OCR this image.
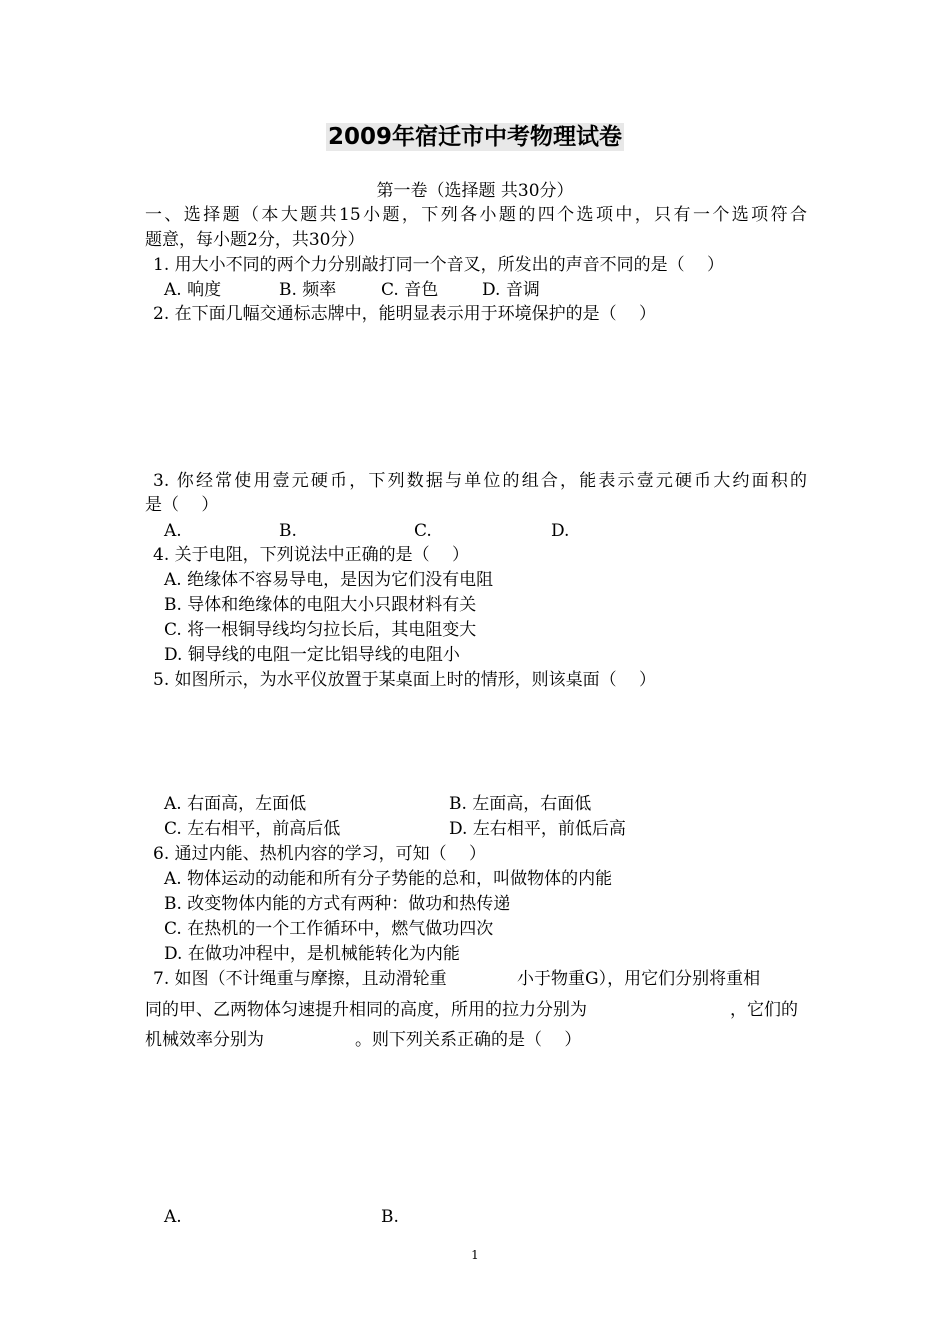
2009年宿迁市中考物理试卷
第一卷（选择题 共30分）
一、选择题（本大题共15小题，下列各小题的四个选项中，只有一个选项符合
题意，每小题2分，共30分）
1. 用大小不同的两个力分别敲打同一个音叉，所发出的声音不同的是（　 ）
A. 响度	B. 频率	C. 音色	D. 音调
2. 在下面几幅交通标志牌中，能明显表示用于环境保护的是（　 ）
3. 你经常使用壹元硬币，下列数据与单位的组合，能表示壹元硬币大约面积的
是（　 ）
A.	B.	C.	D.
4. 关于电阻，下列说法中正确的是（　 ）
A. 绝缘体不容易导电，是因为它们没有电阻
B. 导体和绝缘体的电阻大小只跟材料有关
C. 将一根铜导线均匀拉长后，其电阻变大
D. 铜导线的电阻一定比铝导线的电阻小
5. 如图所示，为水平仪放置于某桌面上时的情形，则该桌面（　 ）
A. 右面高，左面低	B. 左面高，右面低
C. 左右相平，前高后低	D. 左右相平，前低后高
6. 通过内能、热机内容的学习，可知（　 ）
A. 物体运动的动能和所有分子势能的总和，叫做物体的内能
B. 改变物体内能的方式有两种：做功和热传递
C. 在热机的一个工作循环中，燃气做功四次
D. 在做功冲程中，是机械能转化为内能
7. 如图（不计绳重与摩擦，且动滑轮重	小于物重G），用它们分别将重相
同的甲、乙两物体匀速提升相同的高度，所用的拉力分别为	，它们的
机械效率分别为	。则下列关系正确的是（　 ）
A.	B.
1
